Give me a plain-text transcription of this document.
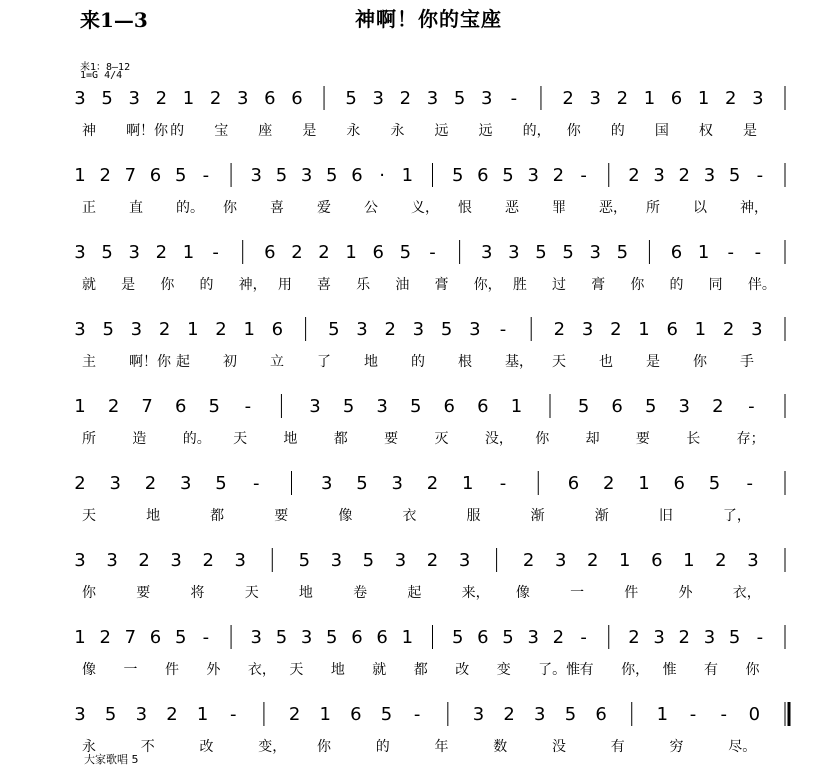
来1—3	神啊！你的宝座
来1：8—12
1=G 4/4
3 5 3 2 1 2 3 6 6 5 3 2 3 5 3 -	2 3 2 1 6 1 2 3
神 啊！你 的 宝 座 是 永 永 远 远 的， 你 的 国 权 是
1 2 7 6 5 - 3 5 3 5 6 · 1 5 6 5 3 2 - 2 3 2 3 5 -
正 直 的。 你 喜 爱 公 义， 恨 恶 罪 恶， 所 以 神，
3 5 3 2 1 -	6 2 2 1 6 5 -	3 3 5 5 3 5 6 1 - -
就 是 你 的 神， 用 喜 乐 油 膏 你， 胜 过 膏 你 的 同 伴。
3 5 3 2 1 2 1 6 5 3 2 3 5 3 -	2 3 2 1 6 1 2 3
主 啊！你 起 初 立 了 地 的 根 基， 天 也 是 你 手
1 2 7 6 5 -	3 5 3 5 6 6 1	5 6 5 3 2 -
所	造	的。 天	地	都	要	灭	没， 你	却	要	长	存；
2 3 2 3 5 -	3 5 3 2 1 -	6 2 1 6 5 -
天	地	都	要	像	衣	服	渐	渐	旧	了，
3 3 2 3 2 3	5 3 5 3 2 3	2 3 2 1 6 1 2 3
你	要	将	天	地	卷	起	来， 像	一	件	外	衣，
1 2 7 6 5 - 3 5 3 5 6 6 1 5 6 5 3 2 - 2 3 2 3 5 -
像 一 件 外 衣， 天 地 就 都 改 变 了。惟 有 你， 惟 有 你
3 5 3 2 1 -	2 1 6 5 -	3 2 3 5 6	1 - - 0
永	不	改	变， 你	的	年	数	没	有	穷	尽。
大家歌唱 5
